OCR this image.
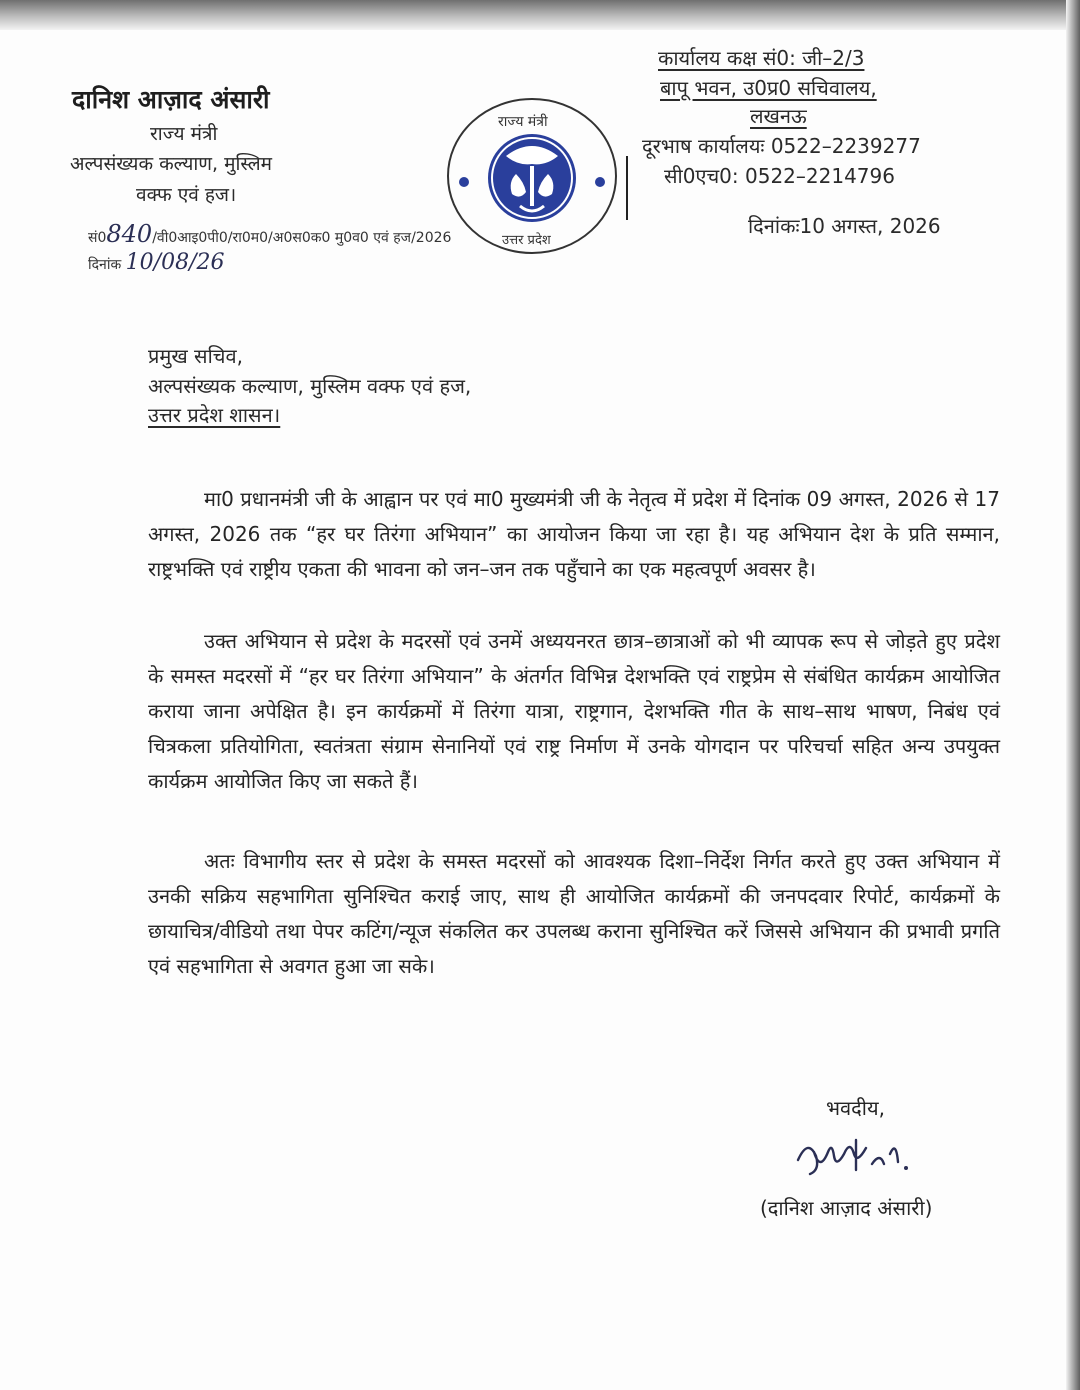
दानिश आज़ाद अंसारी
राज्य मंत्री
अल्पसंख्यक कल्याण, मुस्लिम
वक्फ एवं हज।
राज्य मंत्री
उत्तर प्रदेश
कार्यालय कक्ष सं0: जी–2/3
बापू भवन, उ0प्र0 सचिवालय,
लखनऊ
दूरभाष कार्यालयः 0522–2239277
सी0एच0: 0522–2214796
सं0840/वी0आइ0पी0/रा0म0/अ0स0क0 मु0व0 एवं हज/2026
दिनांक 10/08/26
दिनांकः10 अगस्त, 2026
प्रमुख सचिव,
अल्पसंख्यक कल्याण, मुस्लिम वक्फ एवं हज,
उत्तर प्रदेश शासन।
मा0 प्रधानमंत्री जी के आह्वान पर एवं मा0 मुख्यमंत्री जी के नेतृत्व में प्रदेश में दिनांक 09 अगस्त, 2026 से 17 अगस्त, 2026 तक “हर घर तिरंगा अभियान” का आयोजन किया जा रहा है। यह अभियान देश के प्रति सम्मान, राष्ट्रभक्ति एवं राष्ट्रीय एकता की भावना को जन–जन तक पहुँचाने का एक महत्वपूर्ण अवसर है।
उक्त अभियान से प्रदेश के मदरसों एवं उनमें अध्ययनरत छात्र–छात्राओं को भी व्यापक रूप से जोड़ते हुए प्रदेश के समस्त मदरसों में “हर घर तिरंगा अभियान” के अंतर्गत विभिन्न देशभक्ति एवं राष्ट्रप्रेम से संबंधित कार्यक्रम आयोजित कराया जाना अपेक्षित है। इन कार्यक्रमों में तिरंगा यात्रा, राष्ट्रगान, देशभक्ति गीत के साथ–साथ भाषण, निबंध एवं चित्रकला प्रतियोगिता, स्वतंत्रता संग्राम सेनानियों एवं राष्ट्र निर्माण में उनके योगदान पर परिचर्चा सहित अन्य उपयुक्त कार्यक्रम आयोजित किए जा सकते हैं।
अतः विभागीय स्तर से प्रदेश के समस्त मदरसों को आवश्यक दिशा–निर्देश निर्गत करते हुए उक्त अभियान में उनकी सक्रिय सहभागिता सुनिश्चित कराई जाए, साथ ही आयोजित कार्यक्रमों की जनपदवार रिपोर्ट, कार्यक्रमों के छायाचित्र/वीडियो तथा पेपर कटिंग/न्यूज संकलित कर उपलब्ध कराना सुनिश्चित करें जिससे अभियान की प्रभावी प्रगति एवं सहभागिता से अवगत हुआ जा सके।
भवदीय,
(दानिश आज़ाद अंसारी)
